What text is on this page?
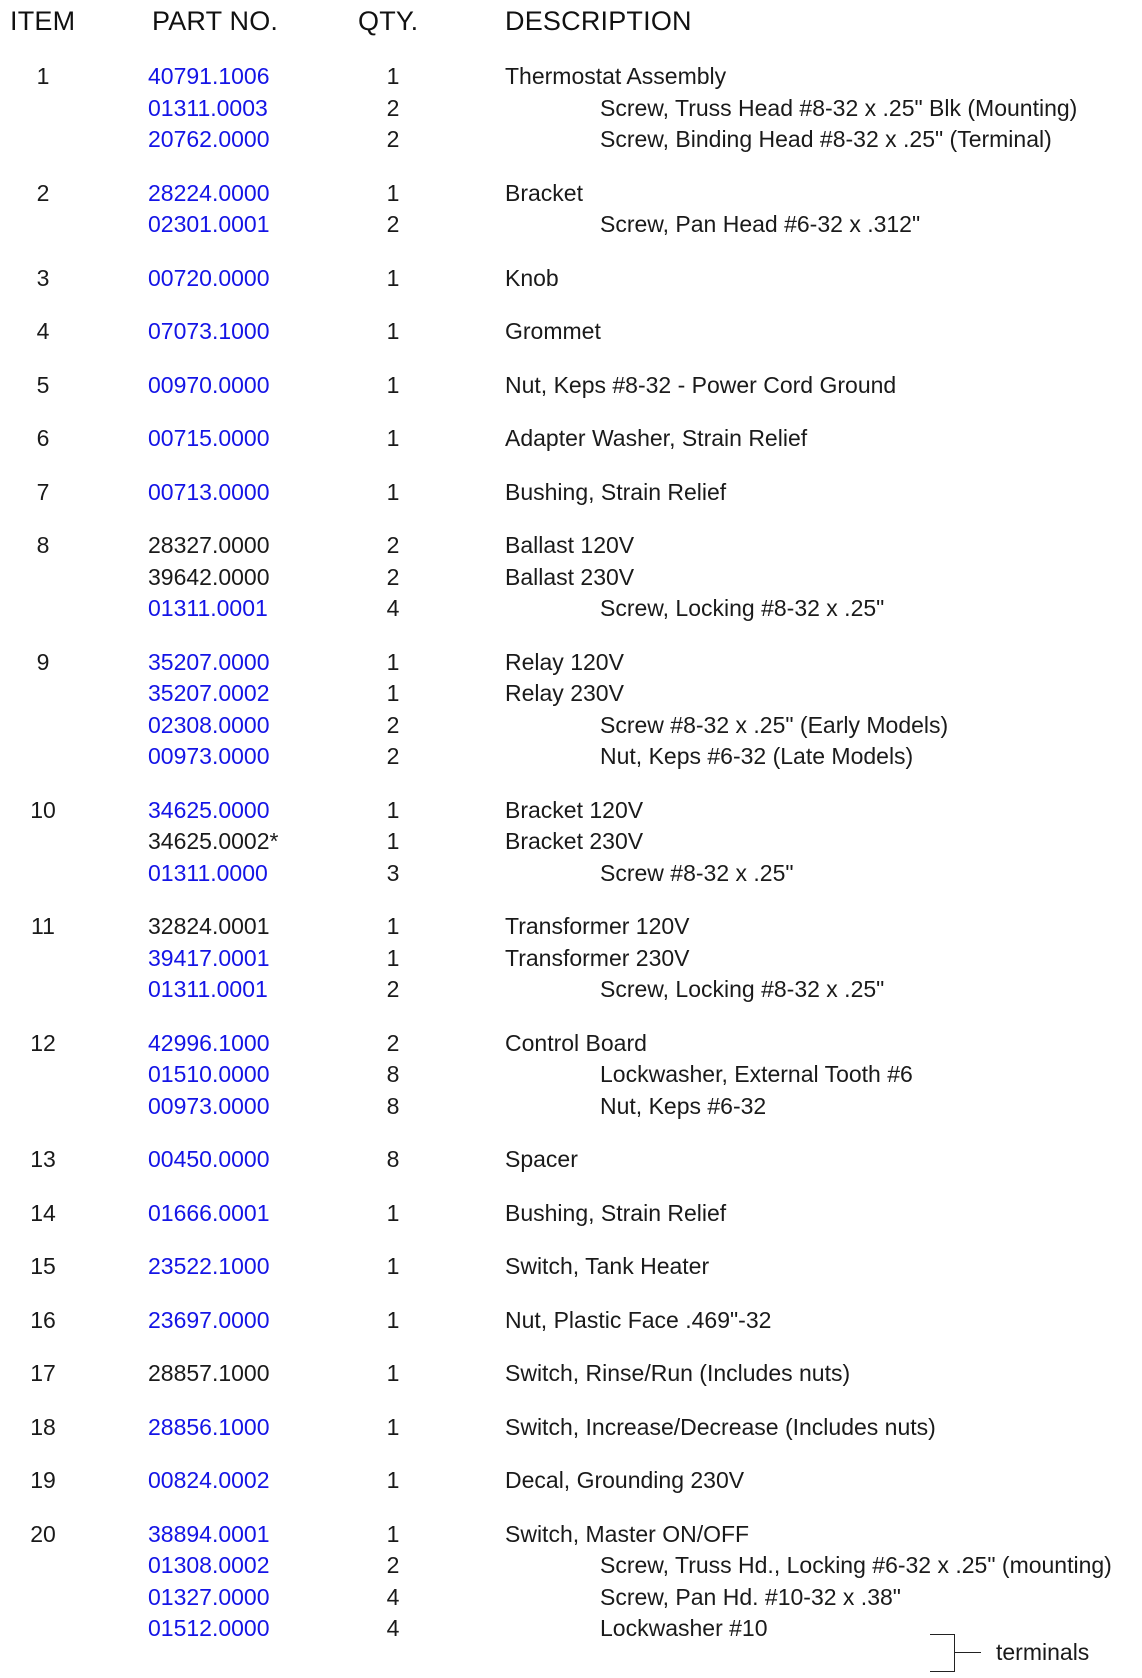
ITEM	PART NO.	QTY.	DESCRIPTION
1	40791.1006	1	Thermostat Assembly
01311.0003	2	Screw, Truss Head #8-32 x .25" Blk (Mounting)
20762.0000	2	Screw, Binding Head #8-32 x .25" (Terminal)
2	28224.0000	1	Bracket
02301.0001	2	Screw, Pan Head #6-32 x .312"
3	00720.0000	1	Knob
4	07073.1000	1	Grommet
5	00970.0000	1	Nut, Keps #8-32 - Power Cord Ground
6	00715.0000	1	Adapter Washer, Strain Relief
7	00713.0000	1	Bushing, Strain Relief
8	28327.0000	2	Ballast 120V
39642.0000	2	Ballast 230V
01311.0001	4	Screw, Locking #8-32 x .25"
9	35207.0000	1	Relay 120V
35207.0002	1	Relay 230V
02308.0000	2	Screw #8-32 x .25" (Early Models)
00973.0000	2	Nut, Keps #6-32 (Late Models)
10	34625.0000	1	Bracket 120V
34625.0002*	1	Bracket 230V
01311.0000	3	Screw #8-32 x .25"
11	32824.0001	1	Transformer 120V
39417.0001	1	Transformer 230V
01311.0001	2	Screw, Locking #8-32 x .25"
12	42996.1000	2	Control Board
01510.0000	8	Lockwasher, External Tooth #6
00973.0000	8	Nut, Keps #6-32
13	00450.0000	8	Spacer
14	01666.0001	1	Bushing, Strain Relief
15	23522.1000	1	Switch, Tank Heater
16	23697.0000	1	Nut, Plastic Face .469"-32
17	28857.1000	1	Switch, Rinse/Run (Includes nuts)
18	28856.1000	1	Switch, Increase/Decrease (Includes nuts)
19	00824.0002	1	Decal, Grounding 230V
20	38894.0001	1	Switch, Master ON/OFF
01308.0002	2	Screw, Truss Hd., Locking #6-32 x .25" (mounting)
01327.0000	4	Screw, Pan Hd. #10-32 x .38"
01512.0000	4	Lockwasher #10
terminals
